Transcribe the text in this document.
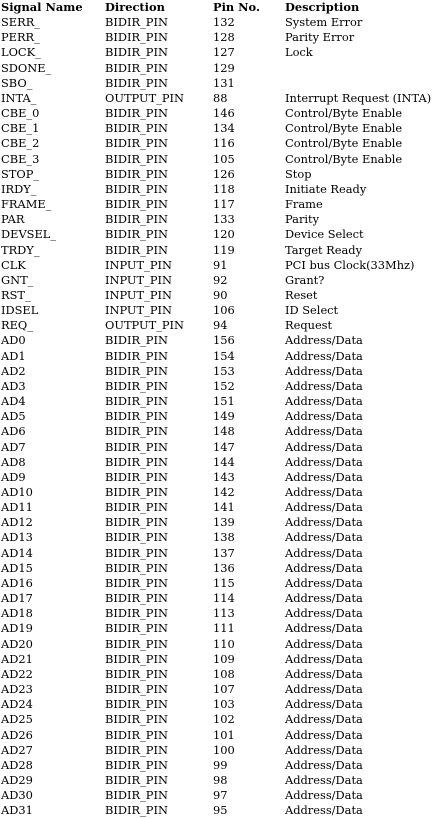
Signal Name	Direction	Pin No.	Description
SERR_	BIDIR_PIN	132	System Error
PERR_	BIDIR_PIN	128	Parity Error
LOCK_	BIDIR_PIN	127	Lock
SDONE_	BIDIR_PIN	129	
SBO_	BIDIR_PIN	131	
INTA_	OUTPUT_PIN	88	Interrupt Request (INTA)
CBE_0	BIDIR_PIN	146	Control/Byte Enable
CBE_1	BIDIR_PIN	134	Control/Byte Enable
CBE_2	BIDIR_PIN	116	Control/Byte Enable
CBE_3	BIDIR_PIN	105	Control/Byte Enable
STOP_	BIDIR_PIN	126	Stop
IRDY_	BIDIR_PIN	118	Initiate Ready
FRAME_	BIDIR_PIN	117	Frame
PAR	BIDIR_PIN	133	Parity
DEVSEL_	BIDIR_PIN	120	Device Select
TRDY_	BIDIR_PIN	119	Target Ready
CLK	INPUT_PIN	91	PCI bus Clock(33Mhz)
GNT_	INPUT_PIN	92	Grant?
RST_	INPUT_PIN	90	Reset
IDSEL	INPUT_PIN	106	ID Select
REQ_	OUTPUT_PIN	94	Request
AD0	BIDIR_PIN	156	Address/Data
AD1	BIDIR_PIN	154	Address/Data
AD2	BIDIR_PIN	153	Address/Data
AD3	BIDIR_PIN	152	Address/Data
AD4	BIDIR_PIN	151	Address/Data
AD5	BIDIR_PIN	149	Address/Data
AD6	BIDIR_PIN	148	Address/Data
AD7	BIDIR_PIN	147	Address/Data
AD8	BIDIR_PIN	144	Address/Data
AD9	BIDIR_PIN	143	Address/Data
AD10	BIDIR_PIN	142	Address/Data
AD11	BIDIR_PIN	141	Address/Data
AD12	BIDIR_PIN	139	Address/Data
AD13	BIDIR_PIN	138	Address/Data
AD14	BIDIR_PIN	137	Address/Data
AD15	BIDIR_PIN	136	Address/Data
AD16	BIDIR_PIN	115	Address/Data
AD17	BIDIR_PIN	114	Address/Data
AD18	BIDIR_PIN	113	Address/Data
AD19	BIDIR_PIN	111	Address/Data
AD20	BIDIR_PIN	110	Address/Data
AD21	BIDIR_PIN	109	Address/Data
AD22	BIDIR_PIN	108	Address/Data
AD23	BIDIR_PIN	107	Address/Data
AD24	BIDIR_PIN	103	Address/Data
AD25	BIDIR_PIN	102	Address/Data
AD26	BIDIR_PIN	101	Address/Data
AD27	BIDIR_PIN	100	Address/Data
AD28	BIDIR_PIN	99	Address/Data
AD29	BIDIR_PIN	98	Address/Data
AD30	BIDIR_PIN	97	Address/Data
AD31	BIDIR_PIN	95	Address/Data
